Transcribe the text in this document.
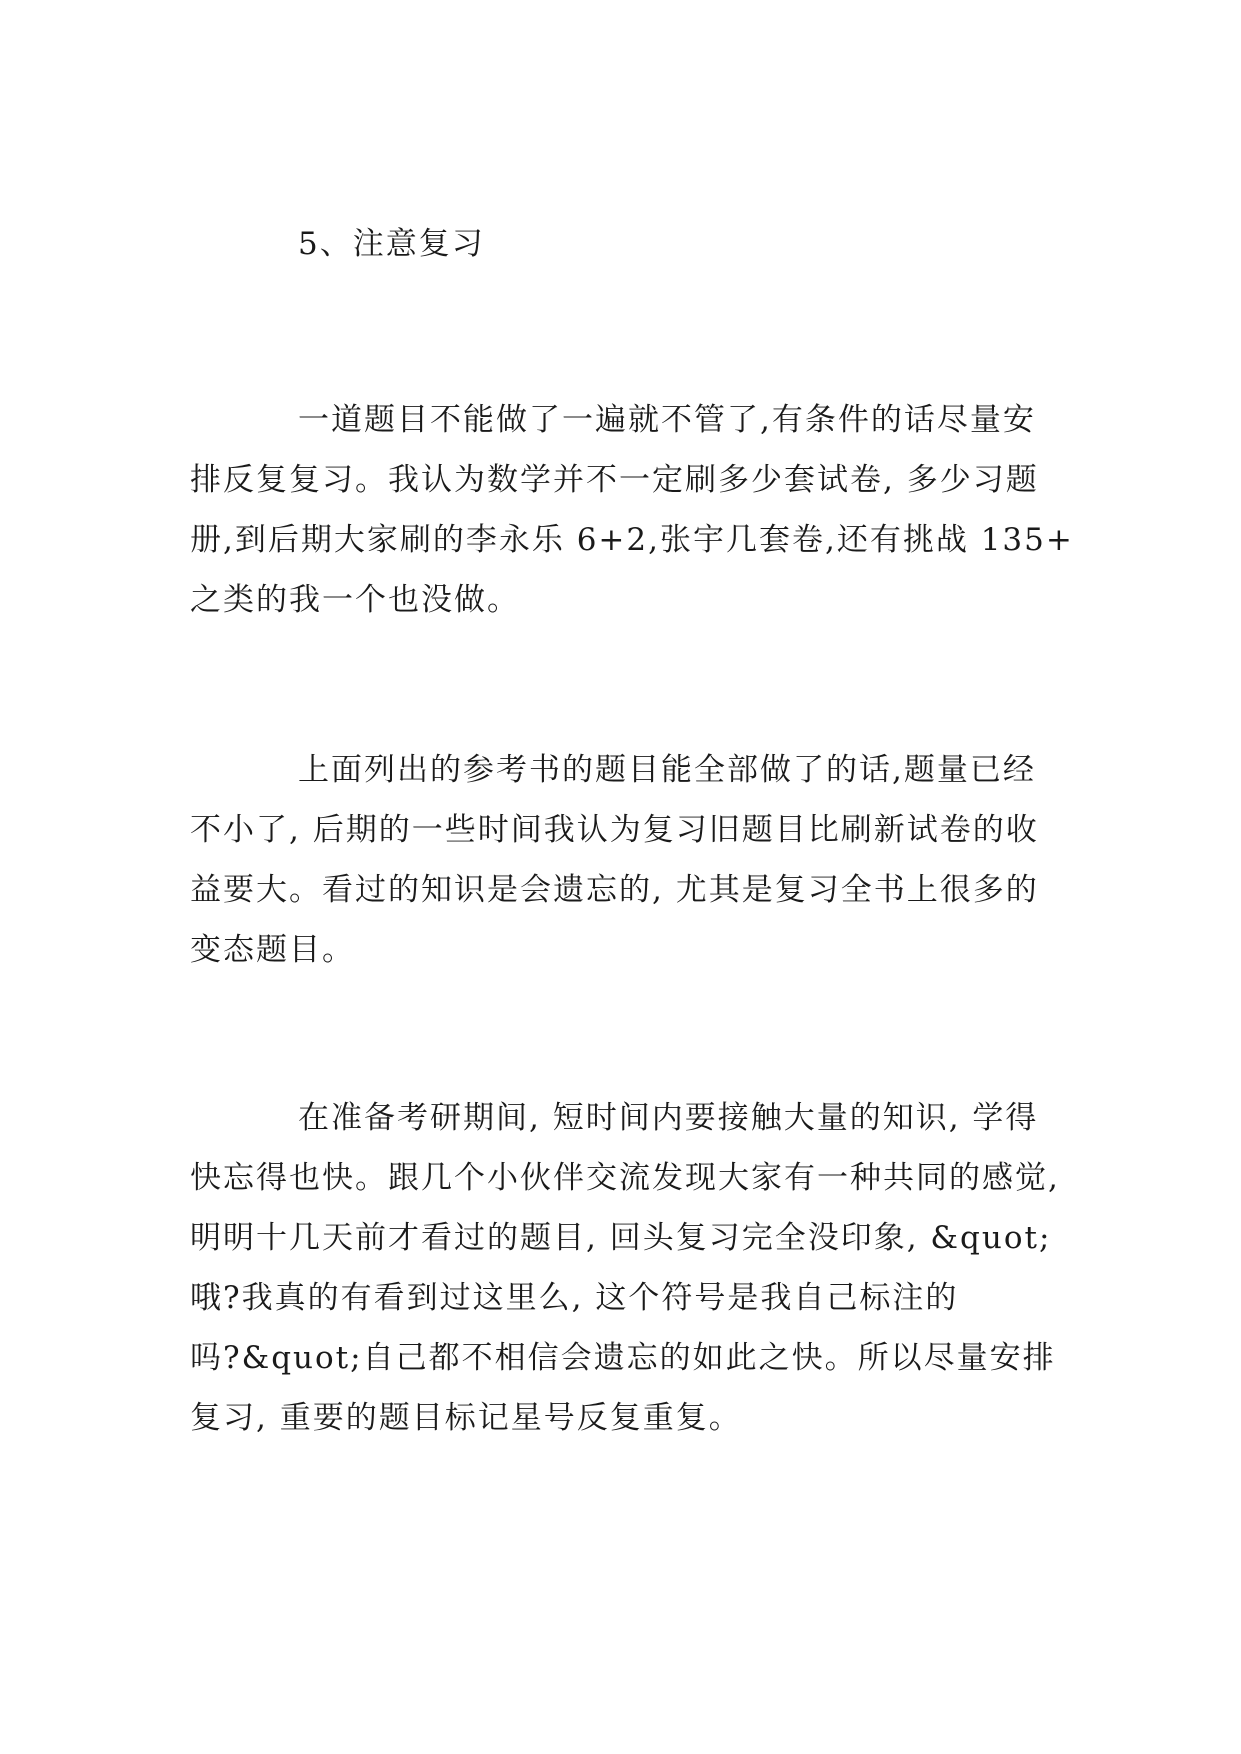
5、注意复习

一道题目不能做了一遍就不管了,有条件的话尽量安
排反复复习。我认为数学并不一定刷多少套试卷, 多少习题
册,到后期大家刷的李永乐 6+2,张宇几套卷,还有挑战 135+
之类的我一个也没做。

上面列出的参考书的题目能全部做了的话,题量已经
不小了, 后期的一些时间我认为复习旧题目比刷新试卷的收
益要大。看过的知识是会遗忘的, 尤其是复习全书上很多的
变态题目。

在准备考研期间, 短时间内要接触大量的知识, 学得
快忘得也快。跟几个小伙伴交流发现大家有一种共同的感觉,
明明十几天前才看过的题目, 回头复习完全没印象, &quot;
哦?我真的有看到过这里么, 这个符号是我自己标注的
吗?&quot;自己都不相信会遗忘的如此之快。所以尽量安排
复习, 重要的题目标记星号反复重复。
